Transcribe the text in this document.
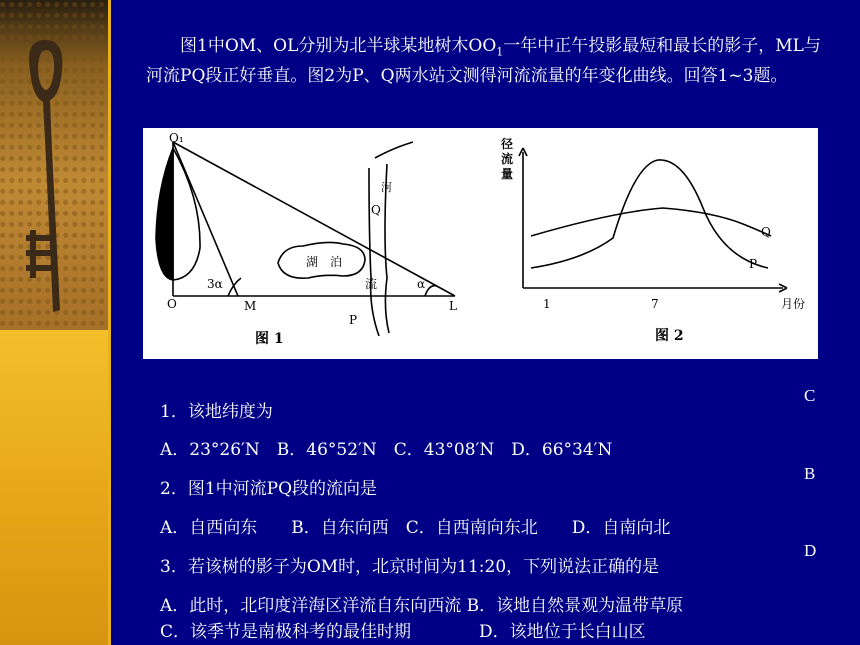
图1中OM、OL分别为北半球某地树木$OO_1$一年中正午投影最短和最长的影子，ML与河流PQ段正好垂直。图2为P、Q两水站文测得河流流量的年变化曲线。回答1~3题。
O₁
O	M	L
3α	α
河
Q
P
湖 泊
流
图 1
径
流
量
1	7	月份
Q
P
图 2
1．该地纬度为
A．23°26′N　B．46°52′N　C．43°08′N　D．66°34′N
2．图1中河流PQ段的流向是
A．自西向东　　B．自东向西　C．自西南向东北　　D．自南向北
3．若该树的影子为OM时，北京时间为11:20，下列说法正确的是
A．此时，北印度洋海区洋流自东向西流 B．该地自然景观为温带草原
C．该季节是南极科考的最佳时期　　　　D．该地位于长白山区
C
B
D
